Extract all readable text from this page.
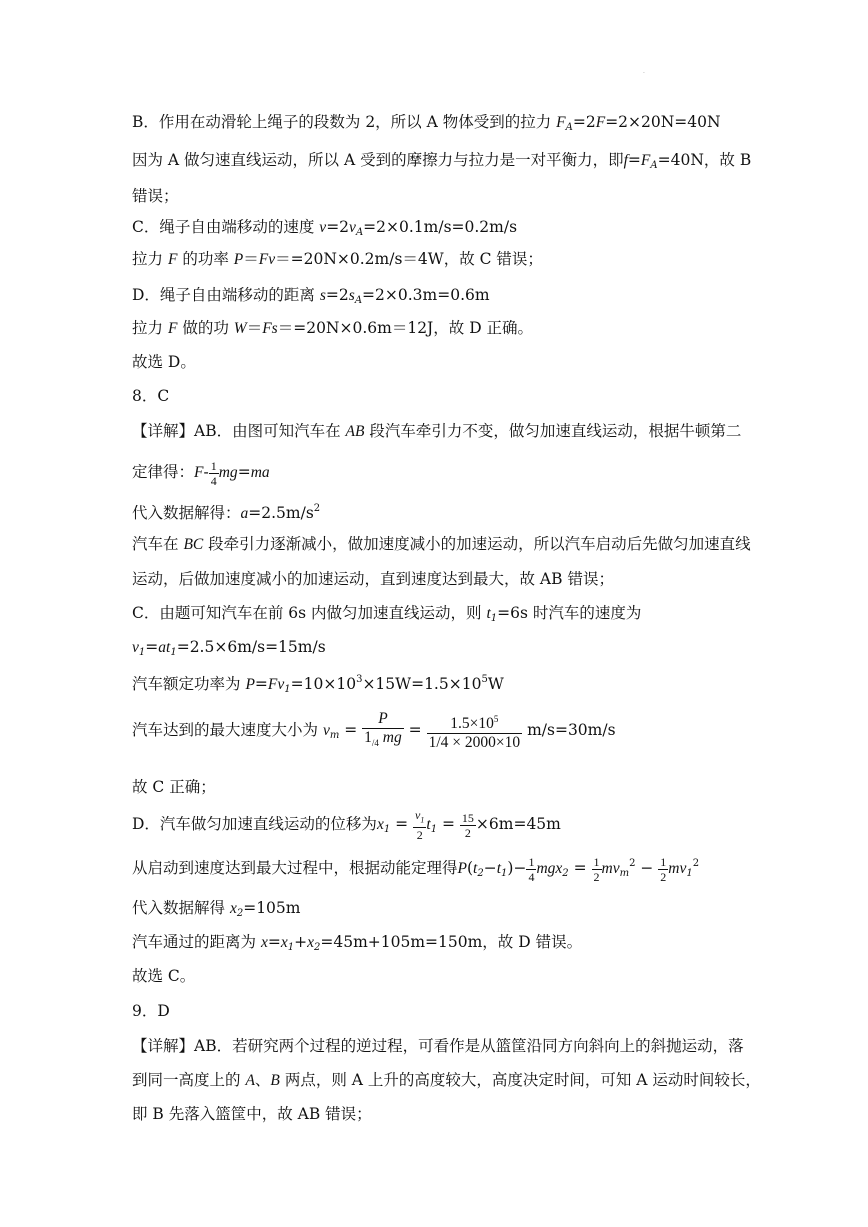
·
B．作用在动滑轮上绳子的段数为 2，所以 A 物体受到的拉力 $F_A=2F=2\times 20N=40N$
因为 A 做匀速直线运动，所以 A 受到的摩擦力与拉力是一对平衡力，即$f=F_A=40N$，故 B
错误；
C．绳子自由端移动的速度 $v=2v_A=2\times 0.1m/s=0.2m/s$
拉力 F 的功率 P＝Fv＝=20N×0.2m/s＝4W，故 C 错误；
D．绳子自由端移动的距离 $s=2s_A=2\times 0.3m=0.6m$
拉力 F 做的功 W＝Fs＝=20N×0.6m＝12J，故 D 正确。
故选 D。
8．C
【详解】AB．由图可知汽车在 AB 段汽车牵引力不变，做匀加速直线运动，根据牛顿第二
定律得：$F- \frac{1}{4} mg=ma$
代入数据解得：$a=2.5m/s^2$
汽车在 BC 段牵引力逐渐减小，做加速度减小的加速运动，所以汽车启动后先做匀加速直线
运动，后做加速度减小的加速运动，直到速度达到最大，故 AB 错误；
C．由题可知汽车在前 6s 内做匀加速直线运动，则 $t_1=6s$ 时汽车的速度为
$v_1=at_1=2.5\times 6m/s=15m/s$
汽车额定功率为 $P=Fv_1=10\times 10^3\times 15W=1.5\times 10^5W$
汽车达到的最大速度大小为 $v_m = \frac{P}{1_{/4} mg} = \frac{1.5\times 10^5}{1/4 \times 2000\times 10} m/s=30m/s$
故 C 正确；
D．汽车做匀加速直线运动的位移为$x_1 = \frac{v_1}{2} t_1 = \frac{15}{2} \times 6m=45m$
从启动到速度达到最大过程中，根据动能定理得$P(t_2-t_1)- \frac{1}{4} mgx_2 = \frac{1}{2} mv_m^2 - \frac{1}{2} mv_1^2$
代入数据解得 $x_2=105m$
汽车通过的距离为 $x=x_1+x_2=45m+105m=150m$，故 D 错误。
故选 C。
9．D
【详解】AB．若研究两个过程的逆过程，可看作是从篮筐沿同方向斜向上的斜抛运动，落
到同一高度上的 A、B 两点，则 A 上升的高度较大，高度决定时间，可知 A 运动时间较长，
即 B 先落入篮筐中，故 AB 错误；
